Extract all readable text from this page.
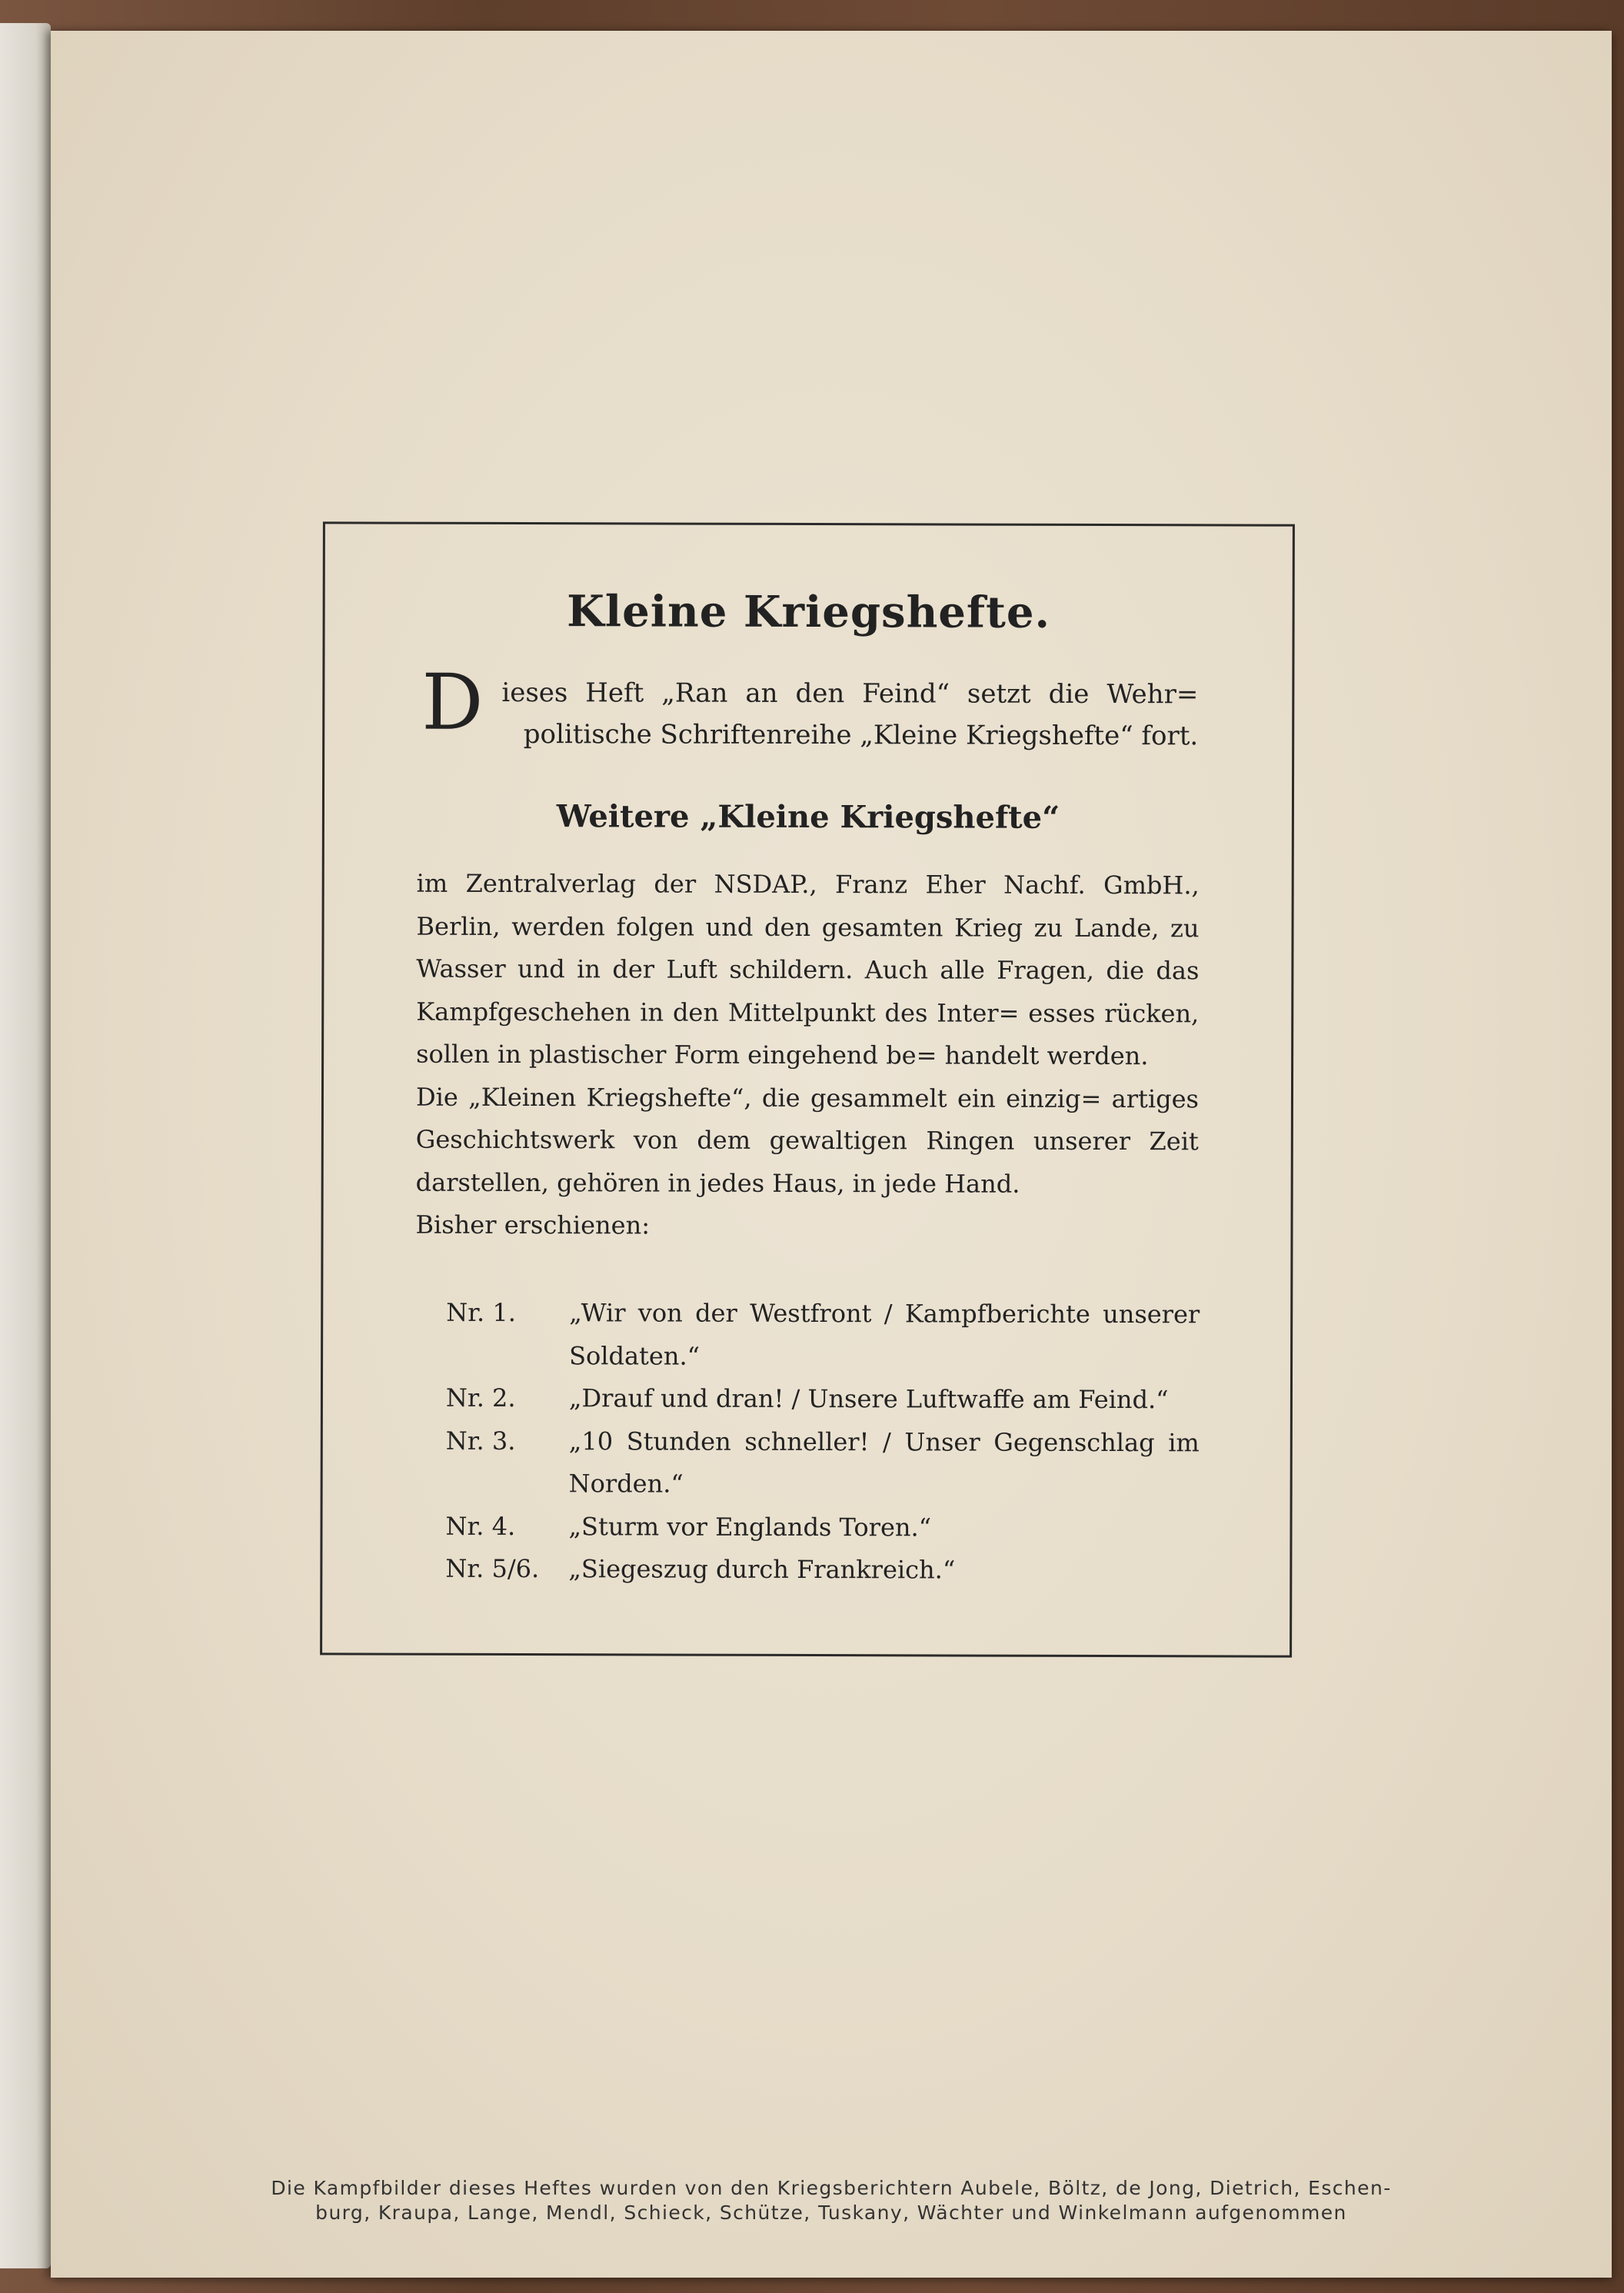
Kleine Kriegshefte.
D ieses Heft „Ran an den Feind“ setzt die Wehr=
politische Schriftenreihe „Kleine Kriegshefte“ fort.
Weitere „Kleine Kriegshefte“

im Zentralverlag der NSDAP., Franz Eher Nachf. GmbH., Berlin, werden folgen und den gesamten Krieg zu Lande, zu Wasser und in der Luft schildern. Auch alle Fragen, die das Kampfgeschehen in den Mittelpunkt des Inter= esses rücken, sollen in plastischer Form eingehend be= handelt werden.

Die „Kleinen Kriegshefte“, die gesammelt ein einzig= artiges Geschichtswerk von dem gewaltigen Ringen unserer Zeit darstellen, gehören in jedes Haus, in jede Hand.

Bisher erschienen:

Nr. 1.	„Wir von der Westfront / Kampfberichte unserer Soldaten.“
Nr. 2.	„Drauf und dran! / Unsere Luftwaffe am Feind.“
Nr. 3.	„10 Stunden schneller! / Unser Gegenschlag im Norden.“
Nr. 4.	„Sturm vor Englands Toren.“
Nr. 5/6.	„Siegeszug durch Frankreich.“
Die Kampfbilder dieses Heftes wurden von den Kriegsberichtern Aubele, Böltz, de Jong, Dietrich, Eschen-
burg, Kraupa, Lange, Mendl, Schieck, Schütze, Tuskany, Wächter und Winkelmann aufgenommen
